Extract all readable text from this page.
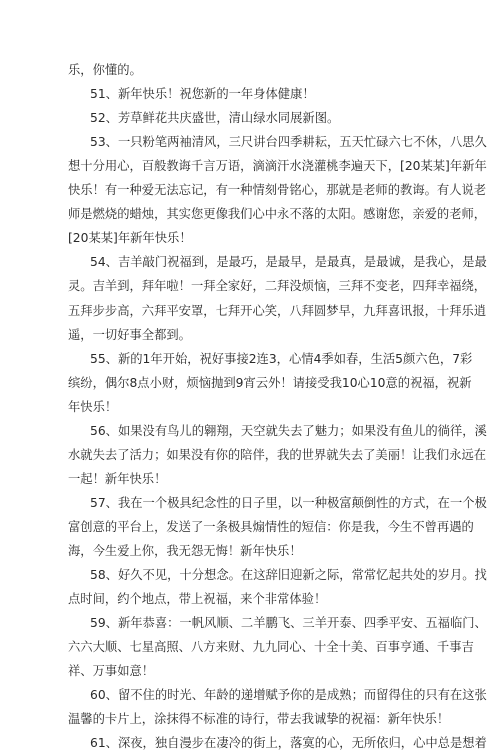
乐，你懂的。
51、新年快乐！祝您新的一年身体健康！
52、芳草鲜花共庆盛世，清山绿水同展新图。
53、一只粉笔两袖清风，三尺讲台四季耕耘，五天忙碌六七不休，八思久
想十分用心，百般教诲千言万语，滴滴汗水浇灌桃李遍天下，[20某某]年新年
快乐！有一种爱无法忘记，有一种情刻骨铭心，那就是老师的教诲。有人说老
师是燃烧的蜡烛，其实您更像我们心中永不落的太阳。感谢您，亲爱的老师，
[20某某]年新年快乐！
54、吉羊敲门祝福到，是最巧，是最早，是最真，是最诚，是我心，是最
灵。吉羊到，拜年啦！一拜全家好，二拜没烦恼，三拜不变老，四拜幸福绕，
五拜步步高，六拜平安罩，七拜开心笑，八拜圆梦早，九拜喜讯报，十拜乐逍
遥，一切好事全都到。
55、新的1年开始，祝好事接2连3，心情4季如春，生活5颜六色，7彩
缤纷，偶尔8点小财，烦恼抛到9宵云外！请接受我10心10意的祝福，祝新
年快乐！
56、如果没有鸟儿的翱翔，天空就失去了魅力；如果没有鱼儿的徜徉，溪
水就失去了活力；如果没有你的陪伴，我的世界就失去了美丽！让我们永远在
一起！新年快乐！
57、我在一个极具纪念性的日子里，以一种极富颠倒性的方式，在一个极
富创意的平台上，发送了一条极具煽情性的短信：你是我，今生不曾再遇的
海，今生爱上你，我无怨无悔！新年快乐！
58、好久不见，十分想念。在这辞旧迎新之际，常常忆起共处的岁月。找
点时间，约个地点，带上祝福，来个非常体验！
59、新年恭喜：一帆风顺、二羊鹏飞、三羊开泰、四季平安、五福临门、
六六大顺、七星高照、八方来财、九九同心、十全十美、百事亨通、千事吉
祥、万事如意！
60、留不住的时光、年龄的递增赋予你的是成熟；而留得住的只有在这张
温馨的卡片上，涂抹得不标准的诗行，带去我诚挚的祝福：新年快乐！
61、深夜，独自漫步在凄冷的街上，落寞的心，无所依归，心中总是想着
